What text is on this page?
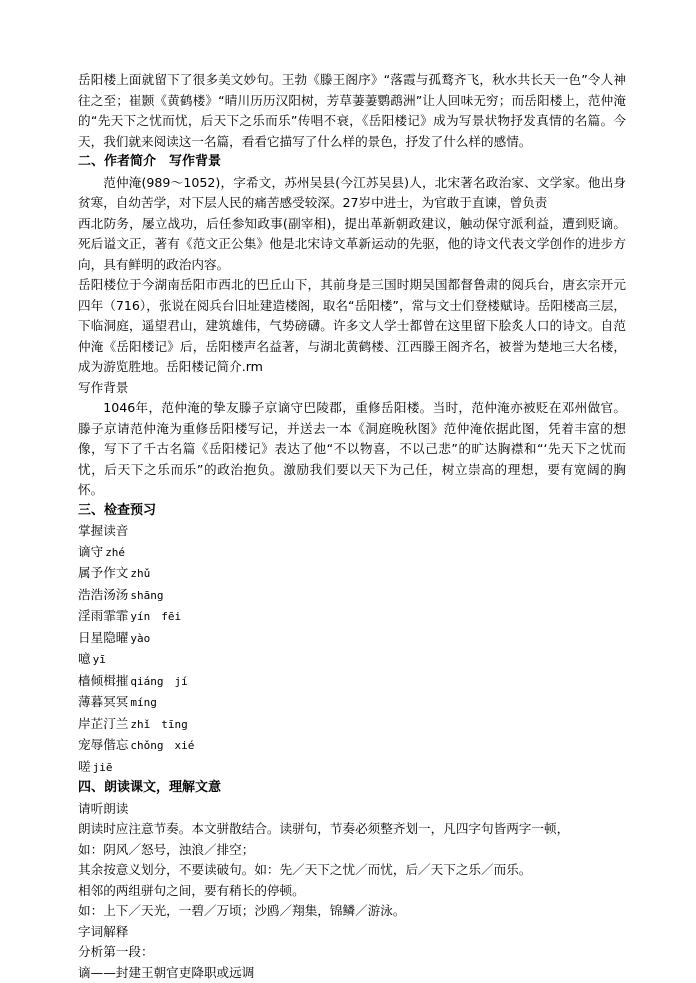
岳阳楼上面就留下了很多美文妙句。王勃《滕王阁序》“落霞与孤鹜齐飞，秋水共长天一色”令人神往之至；崔颢《黄鹤楼》“晴川历历汉阳树，芳草萋萋鹦鹉洲”让人回味无穷；而岳阳楼上，范仲淹的“先天下之忧而忧，后天下之乐而乐”传唱不衰，《岳阳楼记》成为写景状物抒发真情的名篇。今天，我们就来阅读这一名篇，看看它描写了什么样的景色，抒发了什么样的感情。

二、作者简介　写作背景

范仲淹(989～1052)，字希文，苏州吴县(今江苏吴县)人，北宋著名政治家、文学家。他出身贫寒，自幼苦学，对下层人民的痛苦感受较深。27岁中进士，为官敢于直谏，曾负责

西北防务，屡立战功，后任参知政事(副宰相)，提出革新朝政建议，触动保守派利益，遭到贬谪。死后谥文正，著有《范文正公集》他是北宋诗文革新运动的先驱，他的诗文代表文学创作的进步方向，具有鲜明的政治内容。

岳阳楼位于今湖南岳阳市西北的巴丘山下，其前身是三国时期吴国都督鲁肃的阅兵台，唐玄宗开元四年（716），张说在阅兵台旧址建造楼阁，取名“岳阳楼”，常与文士们登楼赋诗。岳阳楼高三层，下临洞庭，遥望君山，建筑雄伟，气势磅礴。许多文人学士都曾在这里留下脍炙人口的诗文。自范仲淹《岳阳楼记》后，岳阳楼声名益著，与湖北黄鹤楼、江西滕王阁齐名，被誉为楚地三大名楼，成为游览胜地。岳阳楼记简介.rm

写作背景

1046年，范仲淹的挚友滕子京谪守巴陵郡，重修岳阳楼。当时，范仲淹亦被贬在邓州做官。滕子京请范仲淹为重修岳阳楼写记，并送去一本《洞庭晚秋图》范仲淹依据此图，凭着丰富的想像，写下了千古名篇《岳阳楼记》表达了他“不以物喜，不以己悲”的旷达胸襟和“‘先天下之忧而忧，后天下之乐而乐”的政治抱负。激励我们要以天下为己任，树立崇高的理想，要有宽阔的胸怀。

三、检查预习

掌握读音

谪守 zhé

属予作文 zhǔ

浩浩汤汤 shāng

淫雨霏霏 yín　fēi

日星隐曜 yào

噫 yī

樯倾楫摧 qiáng　jí

薄暮冥冥 míng

岸芷汀兰 zhǐ　tīng

宠辱偕忘 chǒng　xié

嗟 jiē

四、朗读课文，理解文意

请听朗读

朗读时应注意节奏。本文骈散结合。读骈句，节奏必须整齐划一，凡四字句皆两字一顿，

如：阴风／怒号，浊浪／排空；

其余按意义划分，不要读破句。如：先／天下之忧／而忧，后／天下之乐／而乐。

相邻的两组骈句之间，要有稍长的停顿。

如：上下／天光，一碧／万顷；沙鸥／翔集，锦鳞／游泳。

字词解释

分析第一段：

谪——封建王朝官吏降职或远调
